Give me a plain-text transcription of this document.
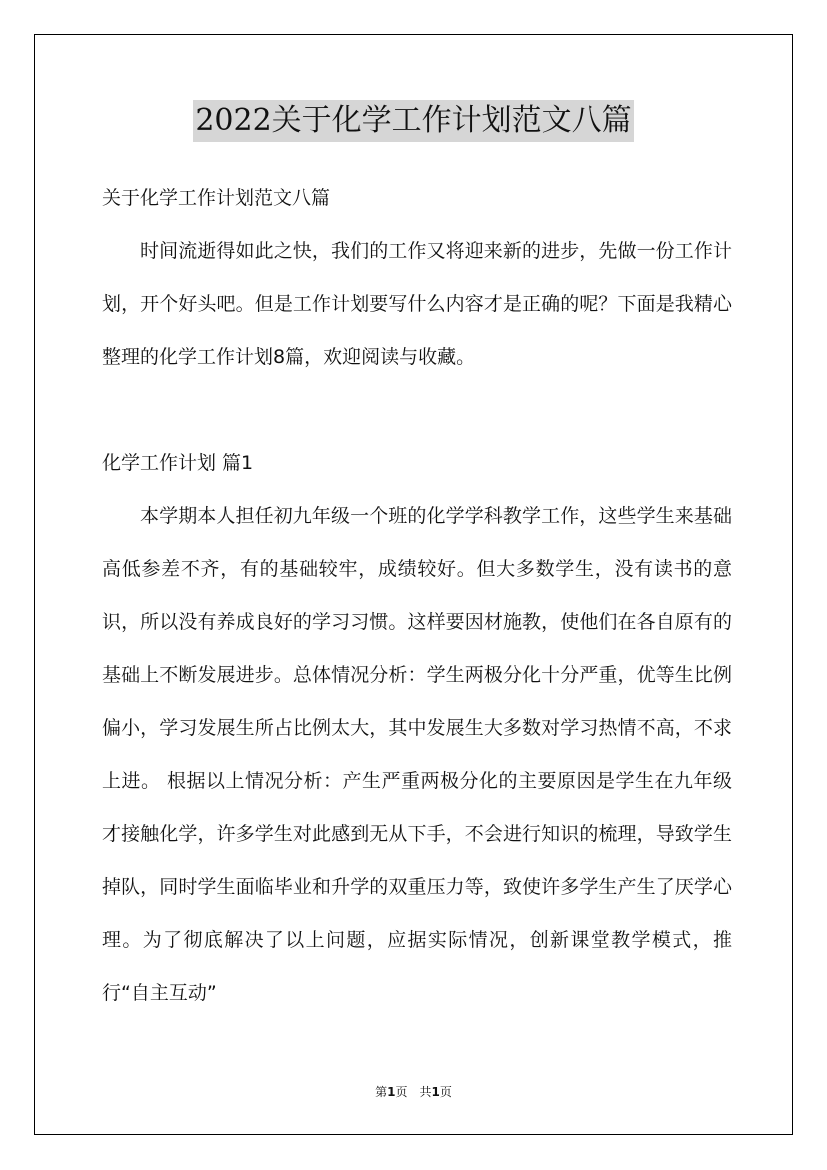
2022关于化学工作计划范文八篇

关于化学工作计划范文八篇

时间流逝得如此之快，我们的工作又将迎来新的进步，先做一份工作计划，开个好头吧。但是工作计划要写什么内容才是正确的呢？下面是我精心整理的化学工作计划8篇，欢迎阅读与收藏。

化学工作计划 篇1

本学期本人担任初九年级一个班的化学学科教学工作，这些学生来基础高低参差不齐，有的基础较牢，成绩较好。但大多数学生，没有读书的意识，所以没有养成良好的学习习惯。这样要因材施教，使他们在各自原有的基础上不断发展进步。总体情况分析：学生两极分化十分严重，优等生比例偏小，学习发展生所占比例太大，其中发展生大多数对学习热情不高，不求上进。 根据以上情况分析：产生严重两极分化的主要原因是学生在九年级才接触化学，许多学生对此感到无从下手，不会进行知识的梳理，导致学生掉队，同时学生面临毕业和升学的双重压力等，致使许多学生产生了厌学心理。为了彻底解决了以上问题，应据实际情况，创新课堂教学模式，推行“自主互动”

第1页　共1页
